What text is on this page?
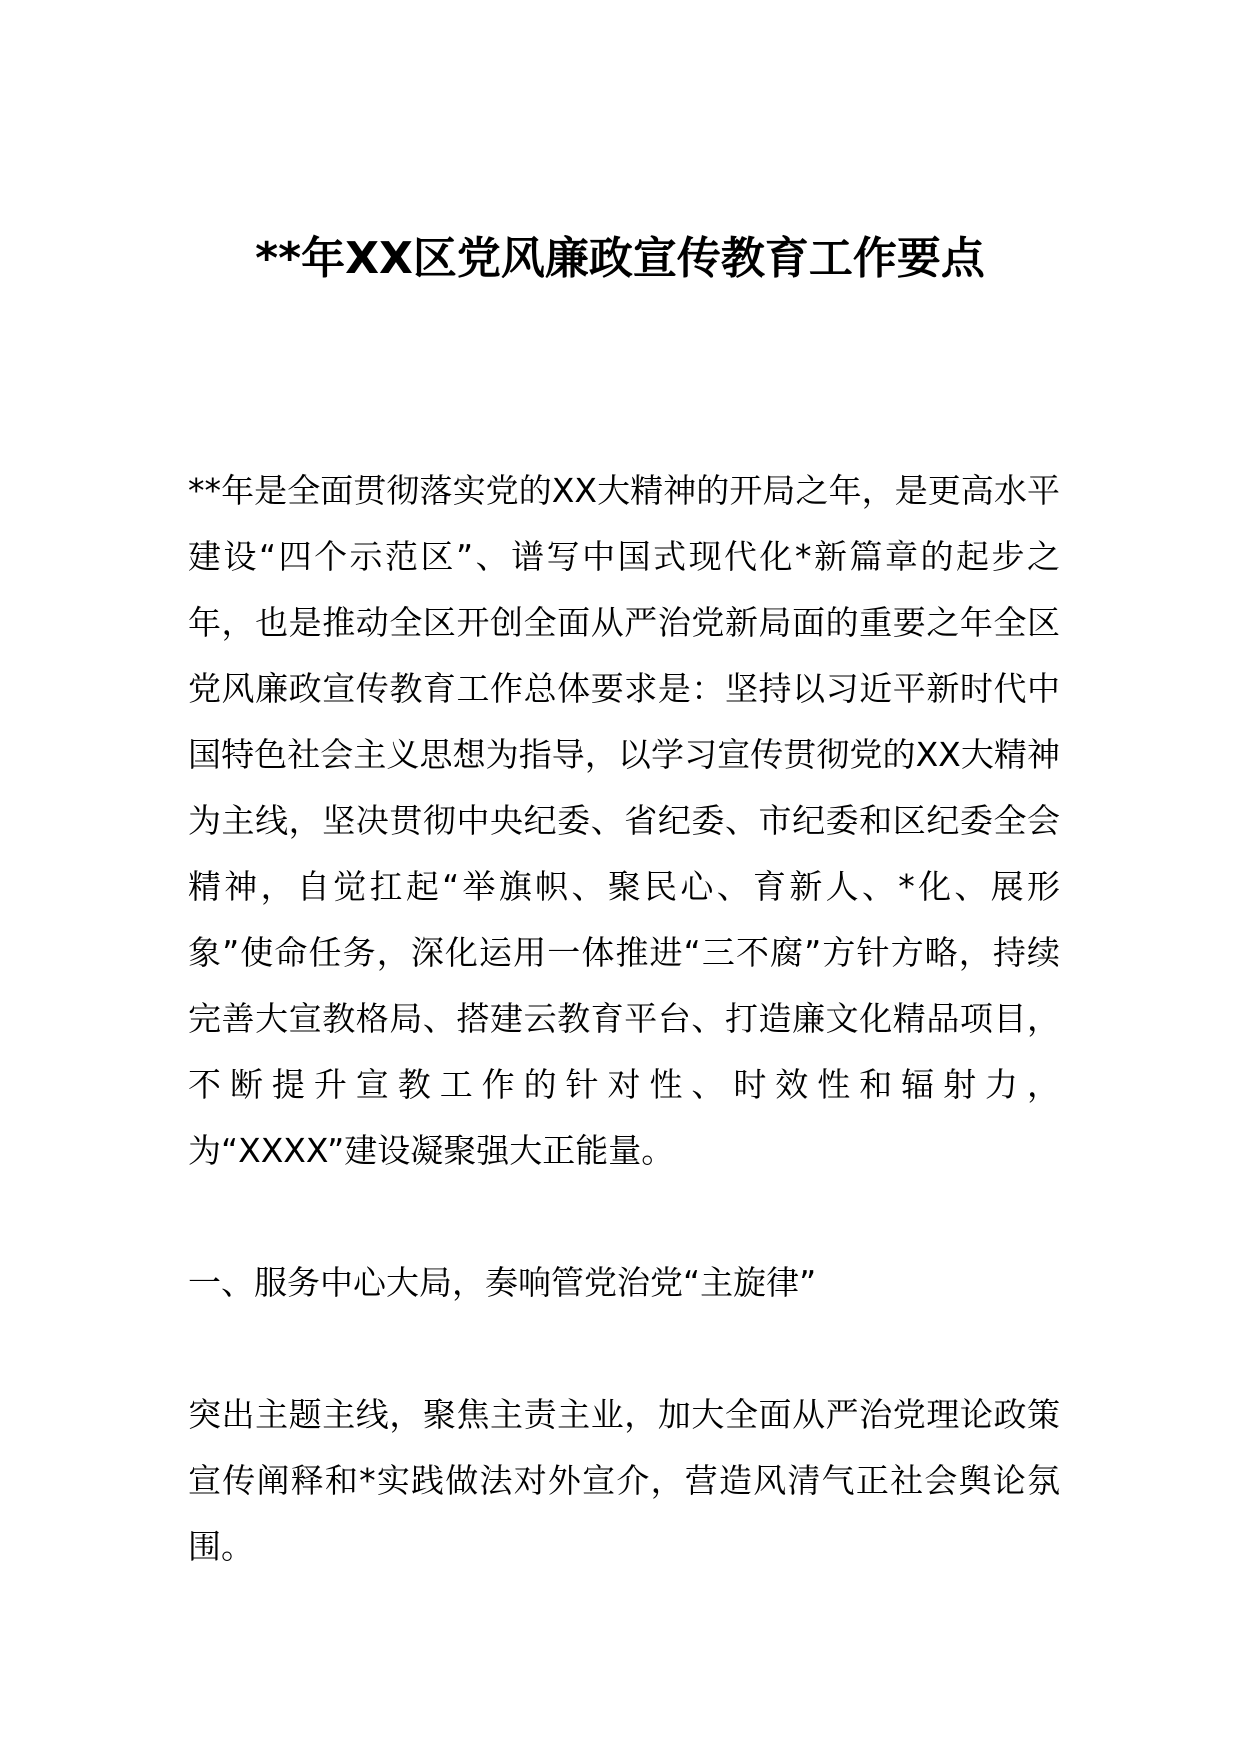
**年XX区党风廉政宣传教育工作要点

**年是全面贯彻落实党的XX大精神的开局之年，是更高水平建设“四个示范区”、谱写中国式现代化*新篇章的起步之年，也是推动全区开创全面从严治党新局面的重要之年全区党风廉政宣传教育工作总体要求是：坚持以习近平新时代中国特色社会主义思想为指导，以学习宣传贯彻党的XX大精神为主线，坚决贯彻中央纪委、省纪委、市纪委和区纪委全会精神，自觉扛起“举旗帜、聚民心、育新人、*化、展形象”使命任务，深化运用一体推进“三不腐”方针方略，持续完善大宣教格局、搭建云教育平台、打造廉文化精品项目，不断提升宣教工作的针对性、时效性和辐射力，为“XXXX”建设凝聚强大正能量。

一、服务中心大局，奏响管党治党“主旋律”

突出主题主线，聚焦主责主业，加大全面从严治党理论政策宣传阐释和*实践做法对外宣介，营造风清气正社会舆论氛围。
